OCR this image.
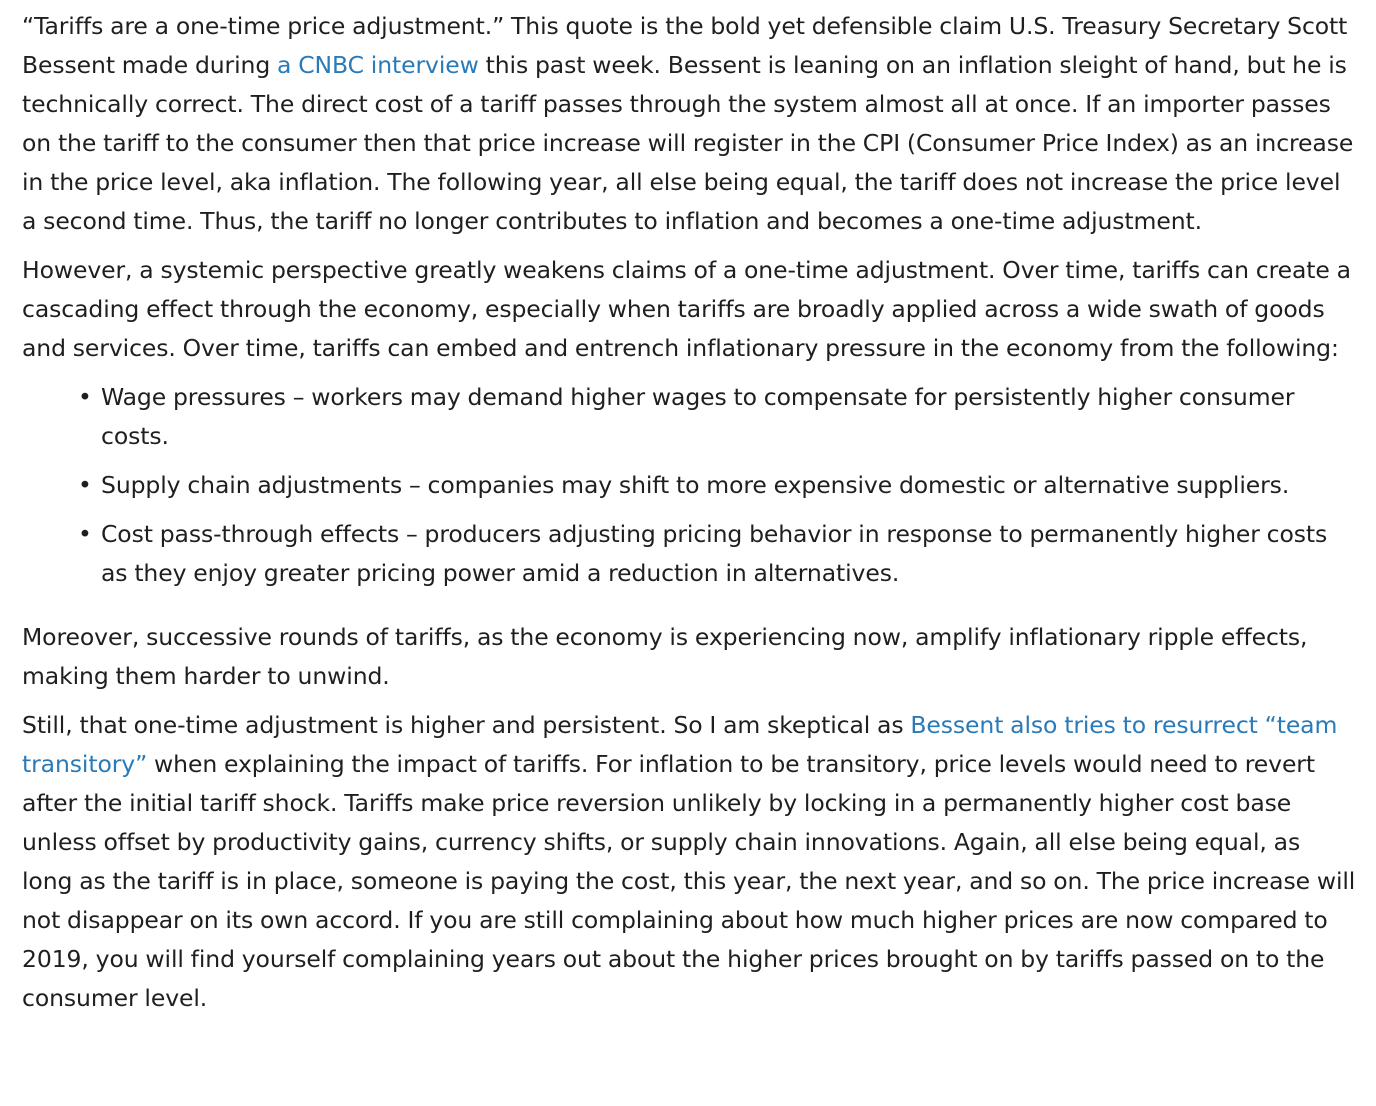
“Tariffs are a one-time price adjustment.” This quote is the bold yet defensible claim U.S. Treasury Secretary Scott Bessent made during a CNBC interview this past week. Bessent is leaning on an inflation sleight of hand, but he is technically correct. The direct cost of a tariff passes through the system almost all at once. If an importer passes on the tariff to the consumer then that price increase will register in the CPI (Consumer Price Index) as an increase in the price level, aka inflation. The following year, all else being equal, the tariff does not increase the price level a second time. Thus, the tariff no longer contributes to inflation and becomes a one-time adjustment.

However, a systemic perspective greatly weakens claims of a one-time adjustment. Over time, tariffs can create a cascading effect through the economy, especially when tariffs are broadly applied across a wide swath of goods and services. Over time, tariffs can embed and entrench inflationary pressure in the economy from the following:

• Wage pressures – workers may demand higher wages to compensate for persistently higher consumer costs.
• Supply chain adjustments – companies may shift to more expensive domestic or alternative suppliers.
• Cost pass-through effects – producers adjusting pricing behavior in response to permanently higher costs as they enjoy greater pricing power amid a reduction in alternatives.

Moreover, successive rounds of tariffs, as the economy is experiencing now, amplify inflationary ripple effects, making them harder to unwind.

Still, that one-time adjustment is higher and persistent. So I am skeptical as Bessent also tries to resurrect “team transitory” when explaining the impact of tariffs. For inflation to be transitory, price levels would need to revert after the initial tariff shock. Tariffs make price reversion unlikely by locking in a permanently higher cost base unless offset by productivity gains, currency shifts, or supply chain innovations. Again, all else being equal, as long as the tariff is in place, someone is paying the cost, this year, the next year, and so on. The price increase will not disappear on its own accord. If you are still complaining about how much higher prices are now compared to 2019, you will find yourself complaining years out about the higher prices brought on by tariffs passed on to the consumer level.
